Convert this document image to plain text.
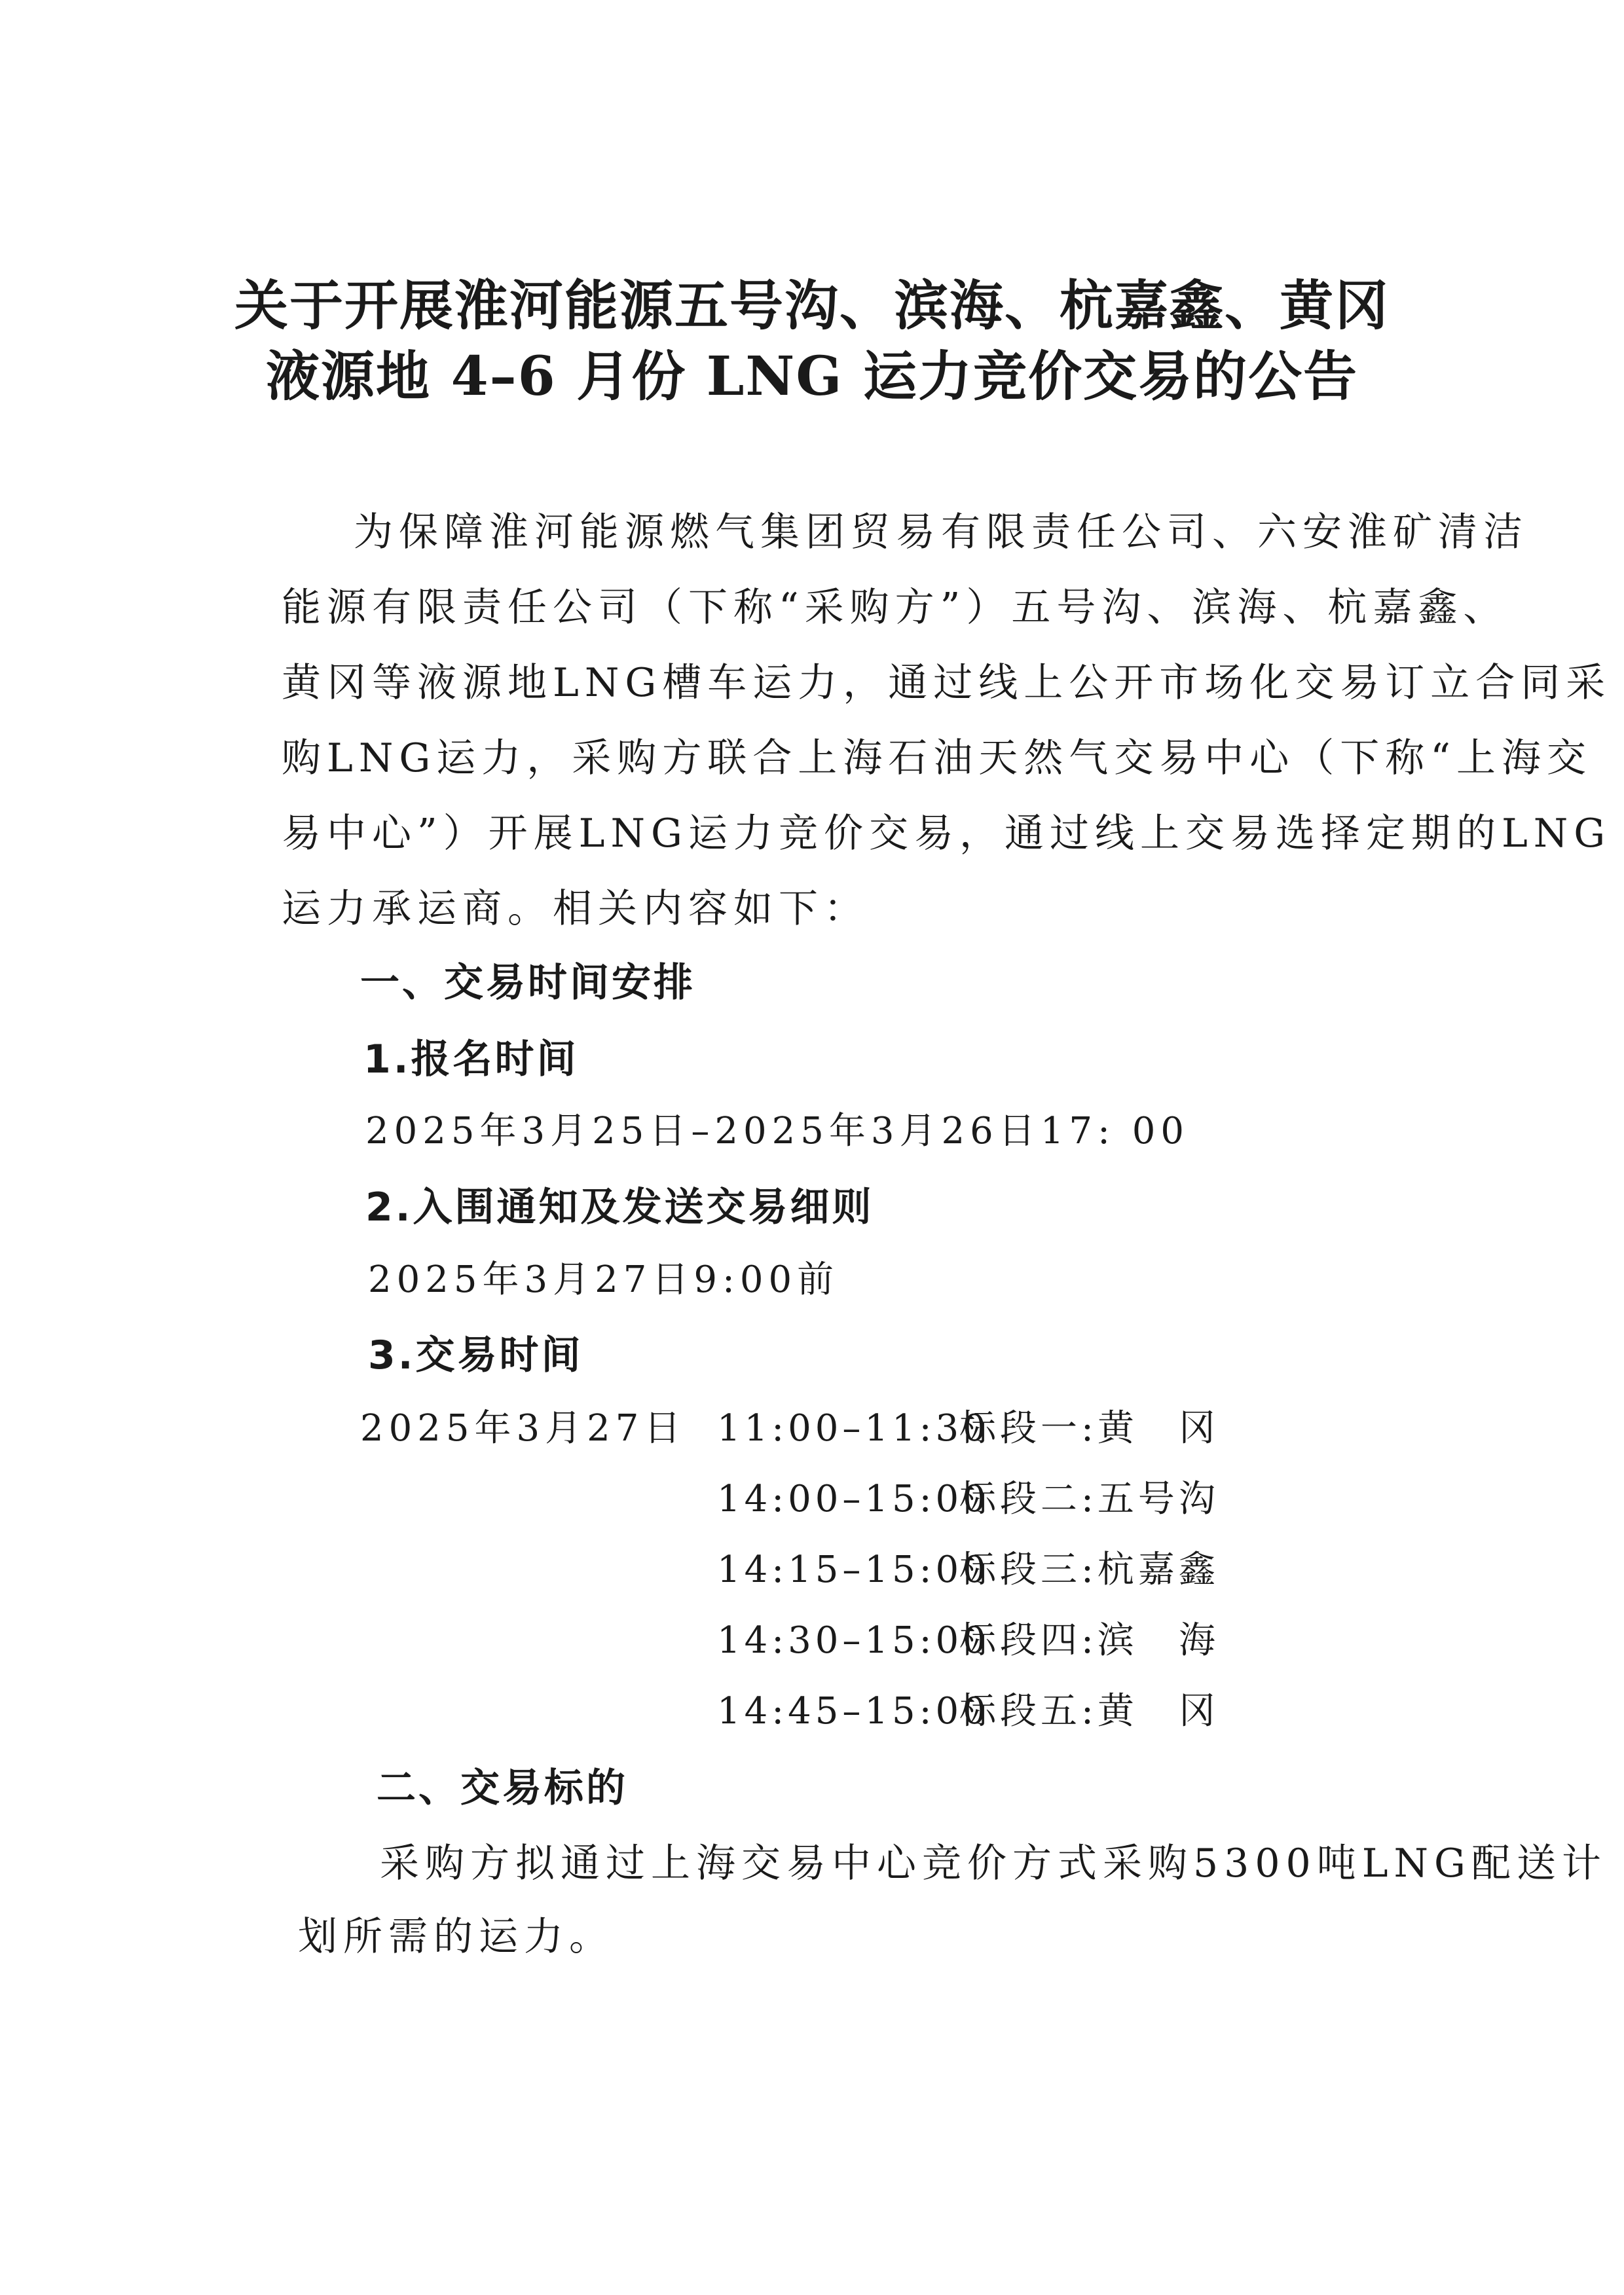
关于开展淮河能源五号沟、滨海、杭嘉鑫、黄冈
液源地 4–6 月份 LNG 运力竞价交易的公告

为保障淮河能源燃气集团贸易有限责任公司、六安淮矿清洁

能源有限责任公司（下称“采购方”）五号沟、滨海、杭嘉鑫、

黄冈等液源地LNG槽车运力，通过线上公开市场化交易订立合同采

购LNG运力，采购方联合上海石油天然气交易中心（下称“上海交

易中心”）开展LNG运力竞价交易，通过线上交易选择定期的LNG

运力承运商。相关内容如下：

一、交易时间安排
1.报名时间

2025年3月25日–2025年3月26日17: 00

2.入围通知及发送交易细则

2025年3月27日9:00前

3.交易时间

2025年3月27日 11:00–11:30标段一:黄　冈
14:00–15:00标段二:五号沟
14:15–15:00标段三:杭嘉鑫
14:30–15:00标段四:滨　海
14:45–15:00标段五:黄　冈
二、交易标的

采购方拟通过上海交易中心竞价方式采购5300吨LNG配送计

划所需的运力。
